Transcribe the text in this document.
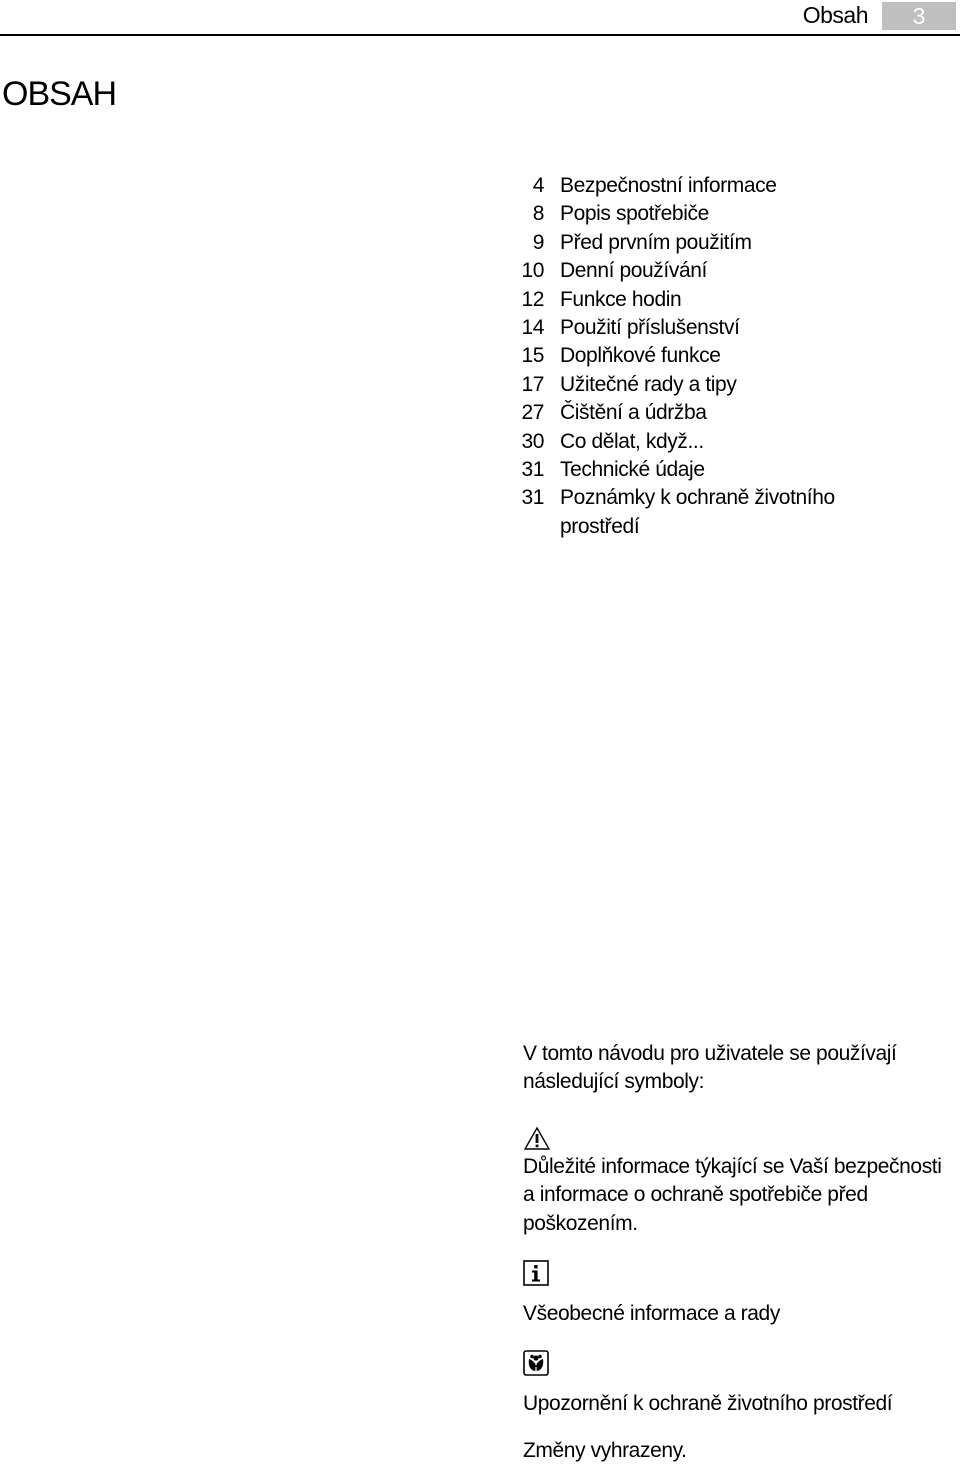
Obsah	3
OBSAH
4 Bezpečnostní informace
8 Popis spotřebiče
9 Před prvním použitím
10 Denní používání
12 Funkce hodin
14 Použití příslušenství
15 Doplňkové funkce
17 Užitečné rady a tipy
27 Čištění a údržba
30 Co dělat, když...
31 Technické údaje
31 Poznámky k ochraně životního prostředí

V tomto návodu pro uživatele se používají následující symboly:

Důležité informace týkající se Vaší bezpečnosti a informace o ochraně spotřebiče před poškozením.

Všeobecné informace a rady

Upozornění k ochraně životního prostředí

Změny vyhrazeny.
